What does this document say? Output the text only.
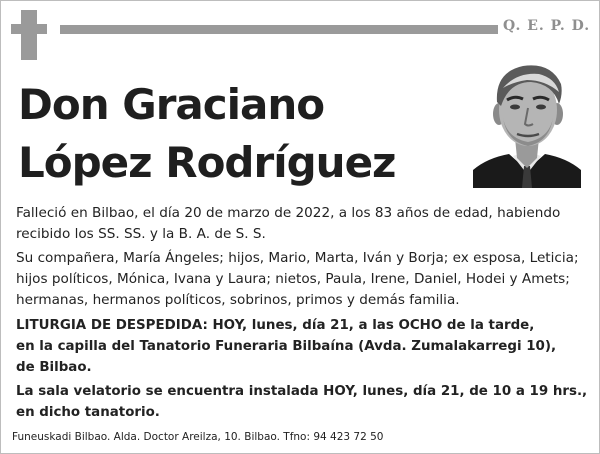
Q. E. P. D.
Don Graciano
López Rodríguez
Falleció en Bilbao, el día 20 de marzo de 2022, a los 83 años de edad, habiendo recibido los SS. SS. y la B. A. de S. S.
Su compañera, María Ángeles; hijos, Mario, Marta, Iván y Borja; ex esposa, Leticia; hijos políticos, Mónica, Ivana y Laura; nietos, Paula, Irene, Daniel, Hodei y Amets; hermanas, hermanos políticos, sobrinos, primos y demás familia.
LITURGIA DE DESPEDIDA: HOY, lunes, día 21, a las OCHO de la tarde,
en la capilla del Tanatorio Funeraria Bilbaína (Avda. Zumalakarregi 10),
de Bilbao.
La sala velatorio se encuentra instalada HOY, lunes, día 21, de 10 a 19 hrs.,
en dicho tanatorio.
Funeuskadi Bilbao. Alda. Doctor Areilza, 10. Bilbao. Tfno: 94 423 72 50
